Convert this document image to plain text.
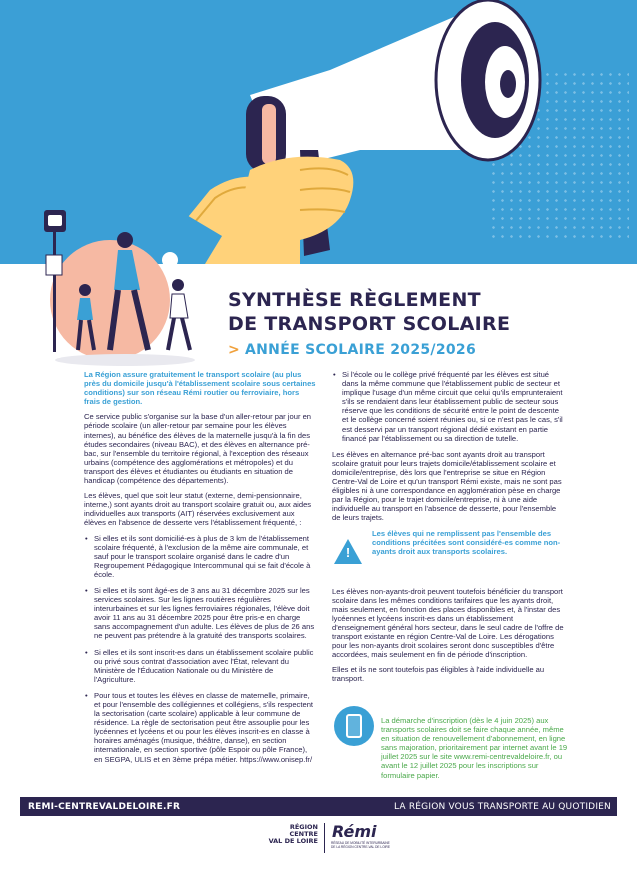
SYNTHÈSE RÈGLEMENT
DE TRANSPORT SCOLAIRE
> ANNÉE SCOLAIRE 2025/2026

La Région assure gratuitement le transport scolaire (au plus près du domicile jusqu'à l'établissement scolaire sous certaines conditions) sur son réseau Rémi routier ou ferroviaire, hors frais de gestion.

Ce service public s'organise sur la base d'un aller-retour par jour en période scolaire (un aller-retour par semaine pour les élèves internes), au bénéfice des élèves de la maternelle jusqu'à la fin des études secondaires (niveau BAC), et des élèves en alternance pré-bac, sur l'ensemble du territoire régional, à l'exception des réseaux urbains (compétence des agglomérations et métropoles) et du transport des élèves et étudiantes ou étudiants en situation de handicap (compétence des départements).

Les élèves, quel que soit leur statut (externe, demi-pensionnaire, interne,) sont ayants droit au transport scolaire gratuit ou, aux aides individuelles aux transports (AIT) réservées exclusivement aux élèves en l'absence de desserte vers l'établissement fréquenté, :

• Si elles et ils sont domicilié-es à plus de 3 km de l'établissement scolaire fréquenté, à l'exclusion de la même aire communale, et sauf pour le transport scolaire organisé dans le cadre d'un Regroupement Pédagogique Intercommunal qui se fait d'école à école.
• Si elles et ils sont âgé-es de 3 ans au 31 décembre 2025 sur les services scolaires. Sur les lignes routières régulières interurbaines et sur les lignes ferroviaires régionales, l'élève doit avoir 11 ans au 31 décembre 2025 pour être pris-e en charge sans accompagnement d'un adulte. Les élèves de plus de 26 ans ne peuvent pas prétendre à la gratuité des transports scolaires.
• Si elles et ils sont inscrit-es dans un établissement scolaire public ou privé sous contrat d'association avec l'État, relevant du Ministère de l'Éducation Nationale ou du Ministère de l'Agriculture.
• Pour tous et toutes les élèves en classe de maternelle, primaire, et pour l'ensemble des collégiennes et collégiens, s'ils respectent la sectorisation (carte scolaire) applicable à leur commune de résidence. La règle de sectorisation peut être assouplie pour les lycéennes et lycéens et ou pour les élèves inscrit-es en classe à horaires aménagés (musique, théâtre, danse), en section internationale, en section sportive (pôle Espoir ou pôle France), en SEGPA, ULIS et en 3ème prépa métier. https://www.onisep.fr/
• Si l'école ou le collège privé fréquenté par les élèves est situé dans la même commune que l'établissement public de secteur et implique l'usage d'un même circuit que celui qu'ils emprunteraient s'ils se rendaient dans leur établissement public de secteur sous réserve que les conditions de sécurité entre le point de descente et le collège concerné soient réunies ou, si ce n'est pas le cas, s'il est desservi par un transport régional dédié existant en partie financé par l'établissement ou sa direction de tutelle.

Les élèves en alternance pré-bac sont ayants droit au transport scolaire gratuit pour leurs trajets domicile/établissement scolaire et domicile/entreprise, dès lors que l'entreprise se situe en Région Centre-Val de Loire et qu'un transport Rémi existe, mais ne sont pas éligibles ni à une correspondance en agglomération pèse en charge par la Région, pour le trajet domicile/entreprise, ni à une aide individuelle au transport en l'absence de desserte, pour l'ensemble de leurs trajets.

!
Les élèves qui ne remplissent pas l'ensemble des conditions précitées sont considéré-es comme non-ayants droit aux transports scolaires.

Les élèves non-ayants-droit peuvent toutefois bénéficier du transport scolaire dans les mêmes conditions tarifaires que les ayants droit, mais seulement, en fonction des places disponibles et, à l'instar des lycéennes et lycéens inscrit-es dans un établissement d'enseignement général hors secteur, dans le seul cadre de l'offre de transport existante en région Centre-Val de Loire. Les dérogations pour les non-ayants droit scolaires seront donc susceptibles d'être accordées, mais seulement en fin de période d'inscription.

Elles et ils ne sont toutefois pas éligibles à l'aide individuelle au transport.

La démarche d'inscription (dès le 4 juin 2025) aux transports scolaires doit se faire chaque année, même en situation de renouvellement d'abonnement, en ligne sans majoration, prioritairement par internet avant le 19 juillet 2025 sur le site www.remi-centrevaldeloire.fr, ou avant le 12 juillet 2025 pour les inscriptions sur formulaire papier.
REMI-CENTREVALDELOIRE.FR	LA RÉGION VOUS TRANSPORTE AU QUOTIDIEN
RÉGION
CENTRE
VAL DE LOIRE Rémi
RÉSEAU DE MOBILITÉ INTERURBAINE DE LA RÉGION CENTRE-VAL DE LOIRE
